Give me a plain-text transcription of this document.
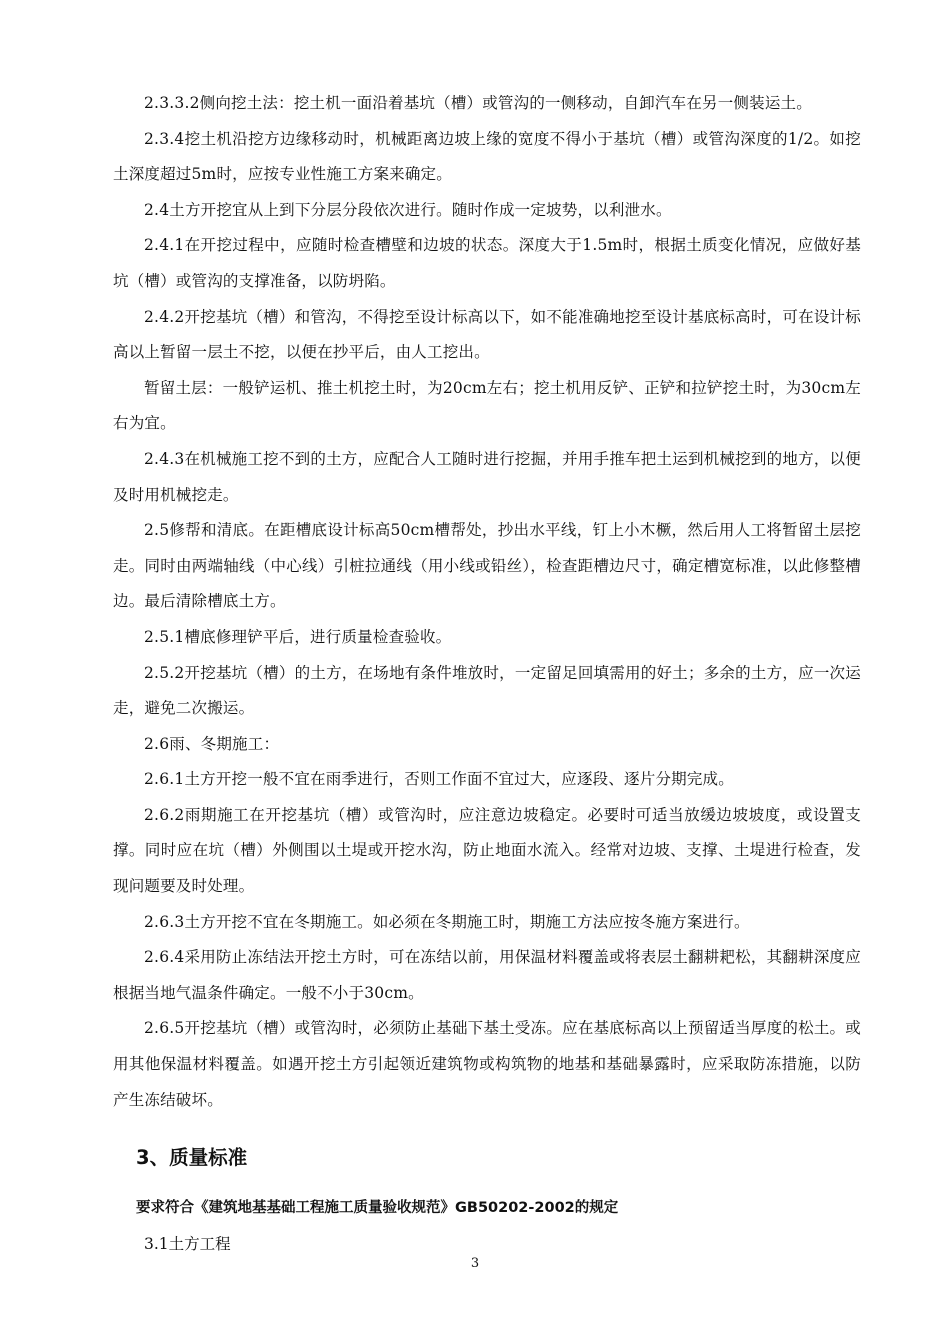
2.3.3.2侧向挖土法：挖土机一面沿着基坑（槽）或管沟的一侧移动，自卸汽车在另一侧装运土。

2.3.4挖土机沿挖方边缘移动时，机械距离边坡上缘的宽度不得小于基坑（槽）或管沟深度的1/2。如挖土深度超过5m时，应按专业性施工方案来确定。

2.4土方开挖宜从上到下分层分段依次进行。随时作成一定坡势，以利泄水。

2.4.1在开挖过程中，应随时检查槽壁和边坡的状态。深度大于1.5m时，根据土质变化情况，应做好基坑（槽）或管沟的支撑准备，以防坍陷。

2.4.2开挖基坑（槽）和管沟，不得挖至设计标高以下，如不能准确地挖至设计基底标高时，可在设计标高以上暂留一层土不挖，以便在抄平后，由人工挖出。

暂留土层：一般铲运机、推土机挖土时，为20cm左右；挖土机用反铲、正铲和拉铲挖土时，为30cm左右为宜。

2.4.3在机械施工挖不到的土方，应配合人工随时进行挖掘，并用手推车把土运到机械挖到的地方，以便及时用机械挖走。

2.5修帮和清底。在距槽底设计标高50cm槽帮处，抄出水平线，钉上小木橛，然后用人工将暂留土层挖走。同时由两端轴线（中心线）引桩拉通线（用小线或铅丝），检查距槽边尺寸，确定槽宽标准，以此修整槽边。最后清除槽底土方。

2.5.1槽底修理铲平后，进行质量检查验收。

2.5.2开挖基坑（槽）的土方，在场地有条件堆放时，一定留足回填需用的好土；多余的土方，应一次运走，避免二次搬运。

2.6雨、冬期施工：

2.6.1土方开挖一般不宜在雨季进行，否则工作面不宜过大，应逐段、逐片分期完成。

2.6.2雨期施工在开挖基坑（槽）或管沟时，应注意边坡稳定。必要时可适当放缓边坡坡度，或设置支撑。同时应在坑（槽）外侧围以土堤或开挖水沟，防止地面水流入。经常对边坡、支撑、土堤进行检查，发现问题要及时处理。

2.6.3土方开挖不宜在冬期施工。如必须在冬期施工时，期施工方法应按冬施方案进行。

2.6.4采用防止冻结法开挖土方时，可在冻结以前，用保温材料覆盖或将表层土翻耕耙松，其翻耕深度应根据当地气温条件确定。一般不小于30cm。

2.6.5开挖基坑（槽）或管沟时，必须防止基础下基土受冻。应在基底标高以上预留适当厚度的松土。或用其他保温材料覆盖。如遇开挖土方引起领近建筑物或构筑物的地基和基础暴露时，应采取防冻措施，以防产生冻结破坏。

3、质量标准
要求符合《建筑地基基础工程施工质量验收规范》GB50202-2002的规定
3.1土方工程
3
